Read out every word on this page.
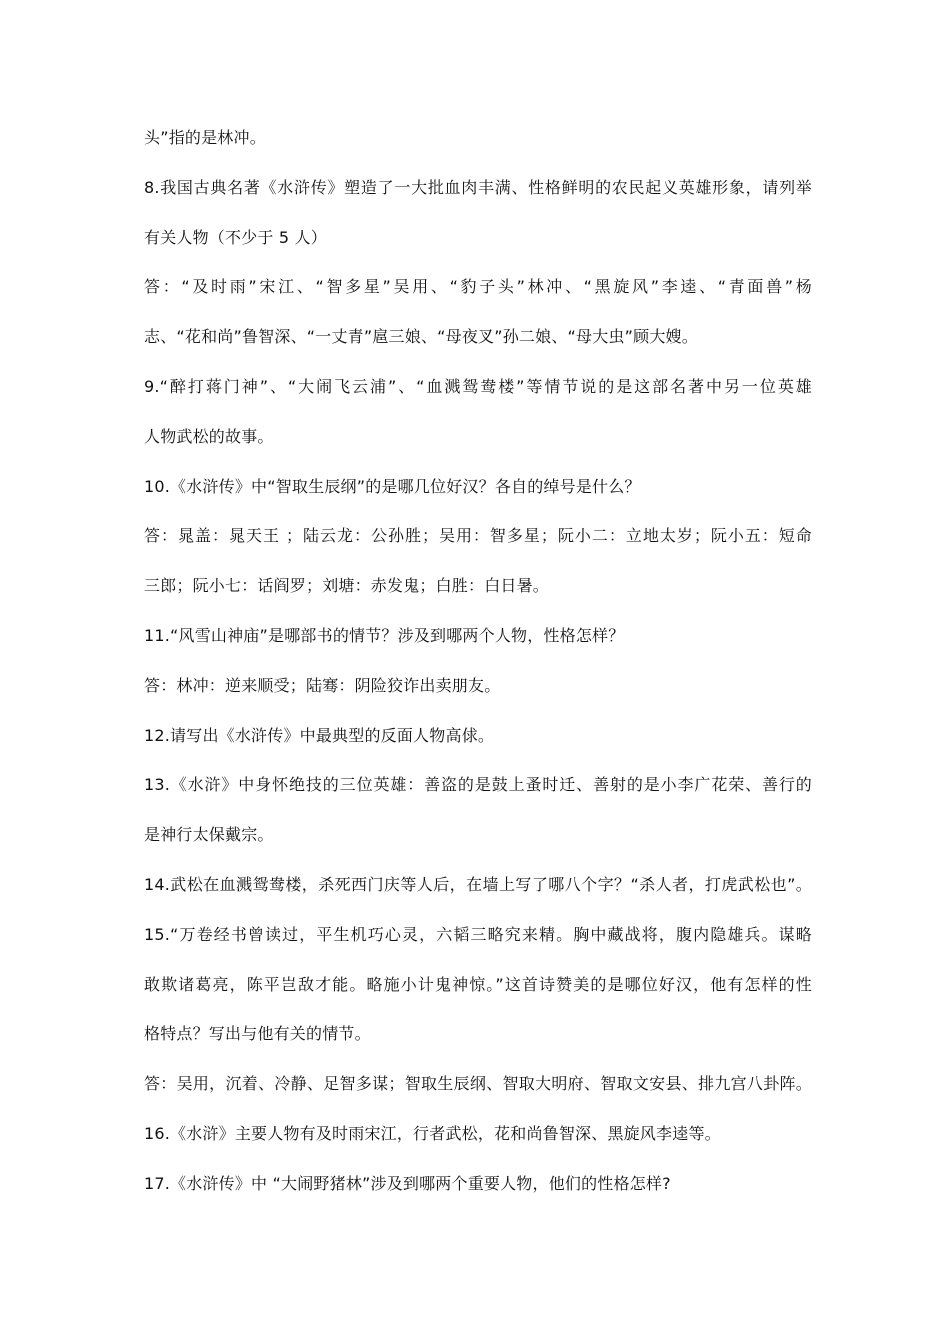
头”指的是林冲。
8.我国古典名著《水浒传》塑造了一大批血肉丰满、性格鲜明的农民起义英雄形象，请列举
有关人物（不少于 5 人）
答：“及时雨”宋江、“智多星”吴用、“豹子头”林冲、“黑旋风”李逵、“青面兽”杨
志、“花和尚”鲁智深、“一丈青”扈三娘、“母夜叉”孙二娘、“母大虫”顾大嫂。
9.“醉打蒋门神”、“大闹飞云浦”、“血溅鸳鸯楼”等情节说的是这部名著中另一位英雄
人物武松的故事。
10.《水浒传》中“智取生辰纲”的是哪几位好汉？各自的绰号是什么？
答：晁盖：晁天王 ；陆云龙：公孙胜；吴用：智多星；阮小二：立地太岁；阮小五：短命
三郎；阮小七：话阎罗；刘塘：赤发鬼；白胜：白日暑。
11.“风雪山神庙”是哪部书的情节？涉及到哪两个人物，性格怎样？
答：林冲：逆来顺受；陆骞：阴险狡诈出卖朋友。
12.请写出《水浒传》中最典型的反面人物高俅。
13.《水浒》中身怀绝技的三位英雄：善盗的是鼓上蚤时迁、善射的是小李广花荣、善行的
是神行太保戴宗。
14.武松在血溅鸳鸯楼，杀死西门庆等人后，在墙上写了哪八个字？“杀人者，打虎武松也”。
15.“万卷经书曾读过，平生机巧心灵，六韬三略究来精。胸中藏战将，腹内隐雄兵。谋略
敢欺诸葛亮，陈平岂敌才能。略施小计鬼神惊。”这首诗赞美的是哪位好汉，他有怎样的性
格特点？写出与他有关的情节。
答：吴用，沉着、冷静、足智多谋；智取生辰纲、智取大明府、智取文安县、排九宫八卦阵。
16.《水浒》主要人物有及时雨宋江，行者武松，花和尚鲁智深、黑旋风李逵等。
17.《水浒传》中 “大闹野猪林”涉及到哪两个重要人物，他们的性格怎样?
